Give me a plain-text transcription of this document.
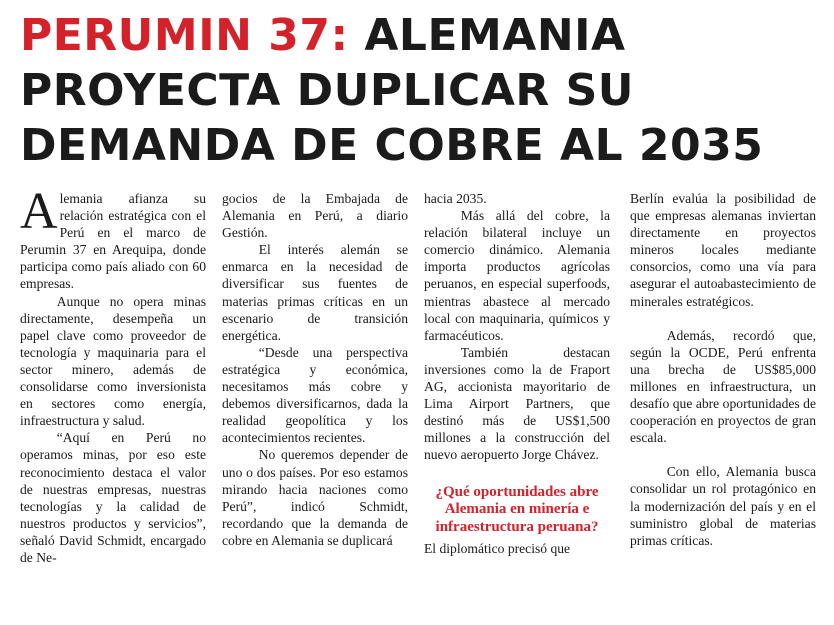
PERUMIN 37: ALEMANIA
PROYECTA DUPLICAR SU
DEMANDA DE COBRE AL 2035

Alemania afianza su relación estratégica con el Perú en el marco de Perumin 37 en Arequipa, donde participa como país aliado con 60 empresas.

Aunque no opera minas directamente, desempeña un papel clave como proveedor de tecnología y maquinaria para el sector minero, además de consolidarse como inversionista en sectores como energía, infraestructura y salud.

“Aquí en Perú no operamos minas, por eso este reconocimiento destaca el valor de nuestras empresas, nuestras tecnologías y la calidad de nuestros productos y servicios”, señaló David Schmidt, encargado de Ne-

gocios de la Embajada de Alemania en Perú, a diario Gestión.

El interés alemán se enmarca en la necesidad de diversificar sus fuentes de materias primas críticas en un escenario de transición energética.

“Desde una perspectiva estratégica y económica, necesitamos más cobre y debemos diversificarnos, dada la realidad geopolítica y los acontecimientos recientes.

No queremos depender de uno o dos países. Por eso estamos mirando hacia naciones como Perú”, indicó Schmidt, recordando que la demanda de cobre en Alemania se duplicará

hacia 2035.

Más allá del cobre, la relación bilateral incluye un comercio dinámico. Alemania importa productos agrícolas peruanos, en especial superfoods, mientras abastece al mercado local con maquinaria, químicos y farmacéuticos.

También destacan inversiones como la de Fraport AG, accionista mayoritario de Lima Airport Partners, que destinó más de US$1,500 millones a la construcción del nuevo aeropuerto Jorge Chávez.

¿Qué oportunidades abre Alemania en minería e infraestructura peruana?

El diplomático precisó que

Berlín evalúa la posibilidad de que empresas alemanas inviertan directamente en proyectos mineros locales mediante consorcios, como una vía para asegurar el autoabastecimiento de minerales estratégicos.

Además, recordó que, según la OCDE, Perú enfrenta una brecha de US$85,000 millones en infraestructura, un desafío que abre oportunidades de cooperación en proyectos de gran escala.

Con ello, Alemania busca consolidar un rol protagónico en la modernización del país y en el suministro global de materias primas críticas.
